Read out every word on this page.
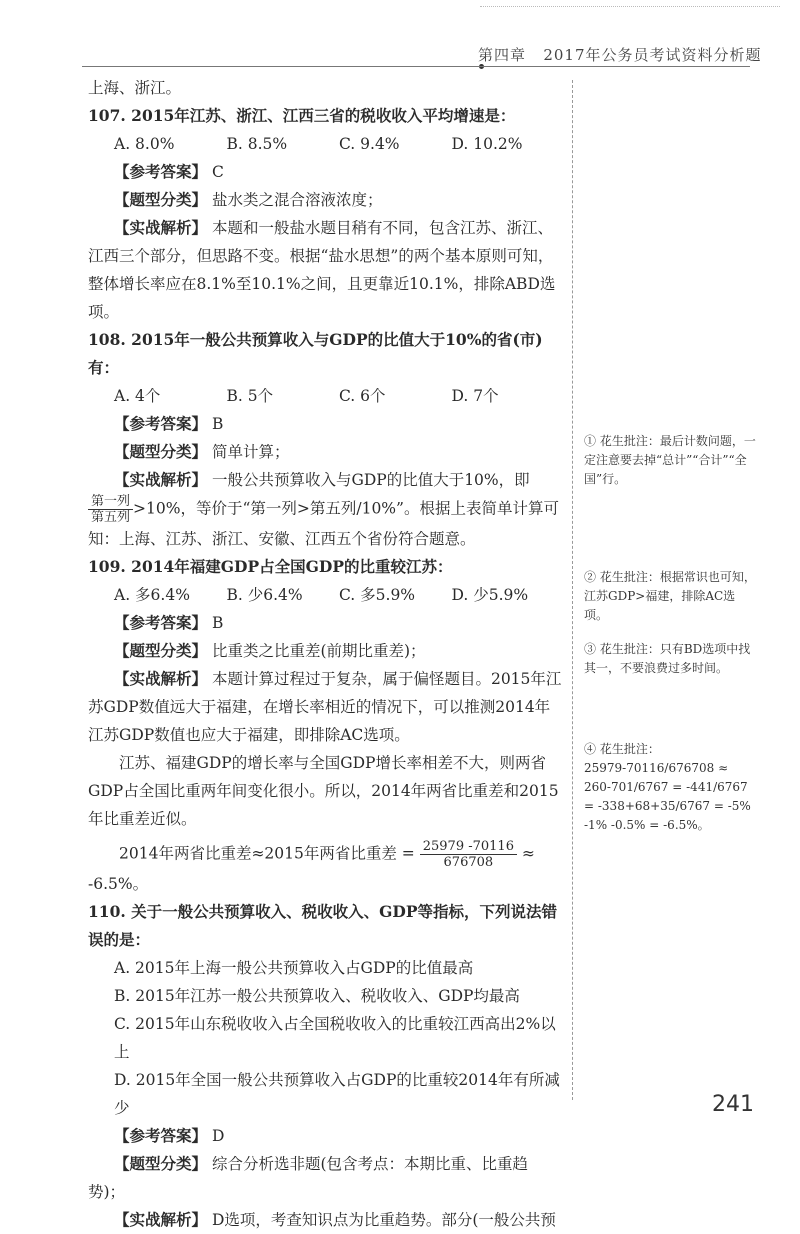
第四章 2017年公务员考试资料分析题

上海、浙江。

107. 2015年江苏、浙江、江西三省的税收收入平均增速是：

A. 8.0%	B. 8.5%	C. 9.4%	D. 10.2%

【参考答案】 C

【题型分类】 盐水类之混合溶液浓度；

【实战解析】 本题和一般盐水题目稍有不同，包含江苏、浙江、江西三个部分，但思路不变。根据“盐水思想”的两个基本原则可知，整体增长率应在8.1%至10.1%之间，且更靠近10.1%，排除ABD选项。

108. 2015年一般公共预算收入与GDP的比值大于10%的省(市)有：

A. 4个	B. 5个	C. 6个	D. 7个

【参考答案】 B

【题型分类】 简单计算；

【实战解析】 一般公共预算收入与GDP的比值大于10%，即
$\frac{\text{第一列}}{\text{第五列}}>10\%$，等价于“第一列>第五列/10%”。根据上表简单计算可知：上海、江苏、浙江、安徽、江西五个省份符合题意。

109. 2014年福建GDP占全国GDP的比重较江苏：

A. 多6.4%	B. 少6.4%	C. 多5.9%	D. 少5.9%

【参考答案】 B

【题型分类】 比重类之比重差(前期比重差)；

【实战解析】 本题计算过程过于复杂，属于偏怪题目。2015年江苏GDP数值远大于福建，在增长率相近的情况下，可以推测2014年江苏GDP数值也应大于福建，即排除AC选项。

江苏、福建GDP的增长率与全国GDP增长率相差不大，则两省GDP占全国比重两年间变化很小。所以，2014年两省比重差和2015年比重差近似。

2014年两省比重差≈2015年两省比重差 = $\frac{25979 -70116}{676708}$ ≈

-6.5%。

110. 关于一般公共预算收入、税收收入、GDP等指标，下列说法错误的是：

A. 2015年上海一般公共预算收入占GDP的比值最高

B. 2015年江苏一般公共预算收入、税收收入、GDP均最高

C. 2015年山东税收收入占全国税收收入的比重较江西高出2%以上

D. 2015年全国一般公共预算收入占GDP的比重较2014年有所减少

【参考答案】 D

【题型分类】 综合分析选非题(包含考点：本期比重、比重趋势)；

【实战解析】 D选项，考查知识点为比重趋势。部分(一般公共预

① 花生批注：最后计数问题，一定注意要去掉“总计”“合计”“全国”行。
② 花生批注：根据常识也可知，江苏GDP>福建，排除AC选项。
③ 花生批注：只有BD选项中找其一，不要浪费过多时间。
④ 花生批注：
25979-70116/676708 ≈ 260-701/6767 = -441/6767 = -338+68+35/6767 = -5% -1% -0.5% = -6.5%。
241
